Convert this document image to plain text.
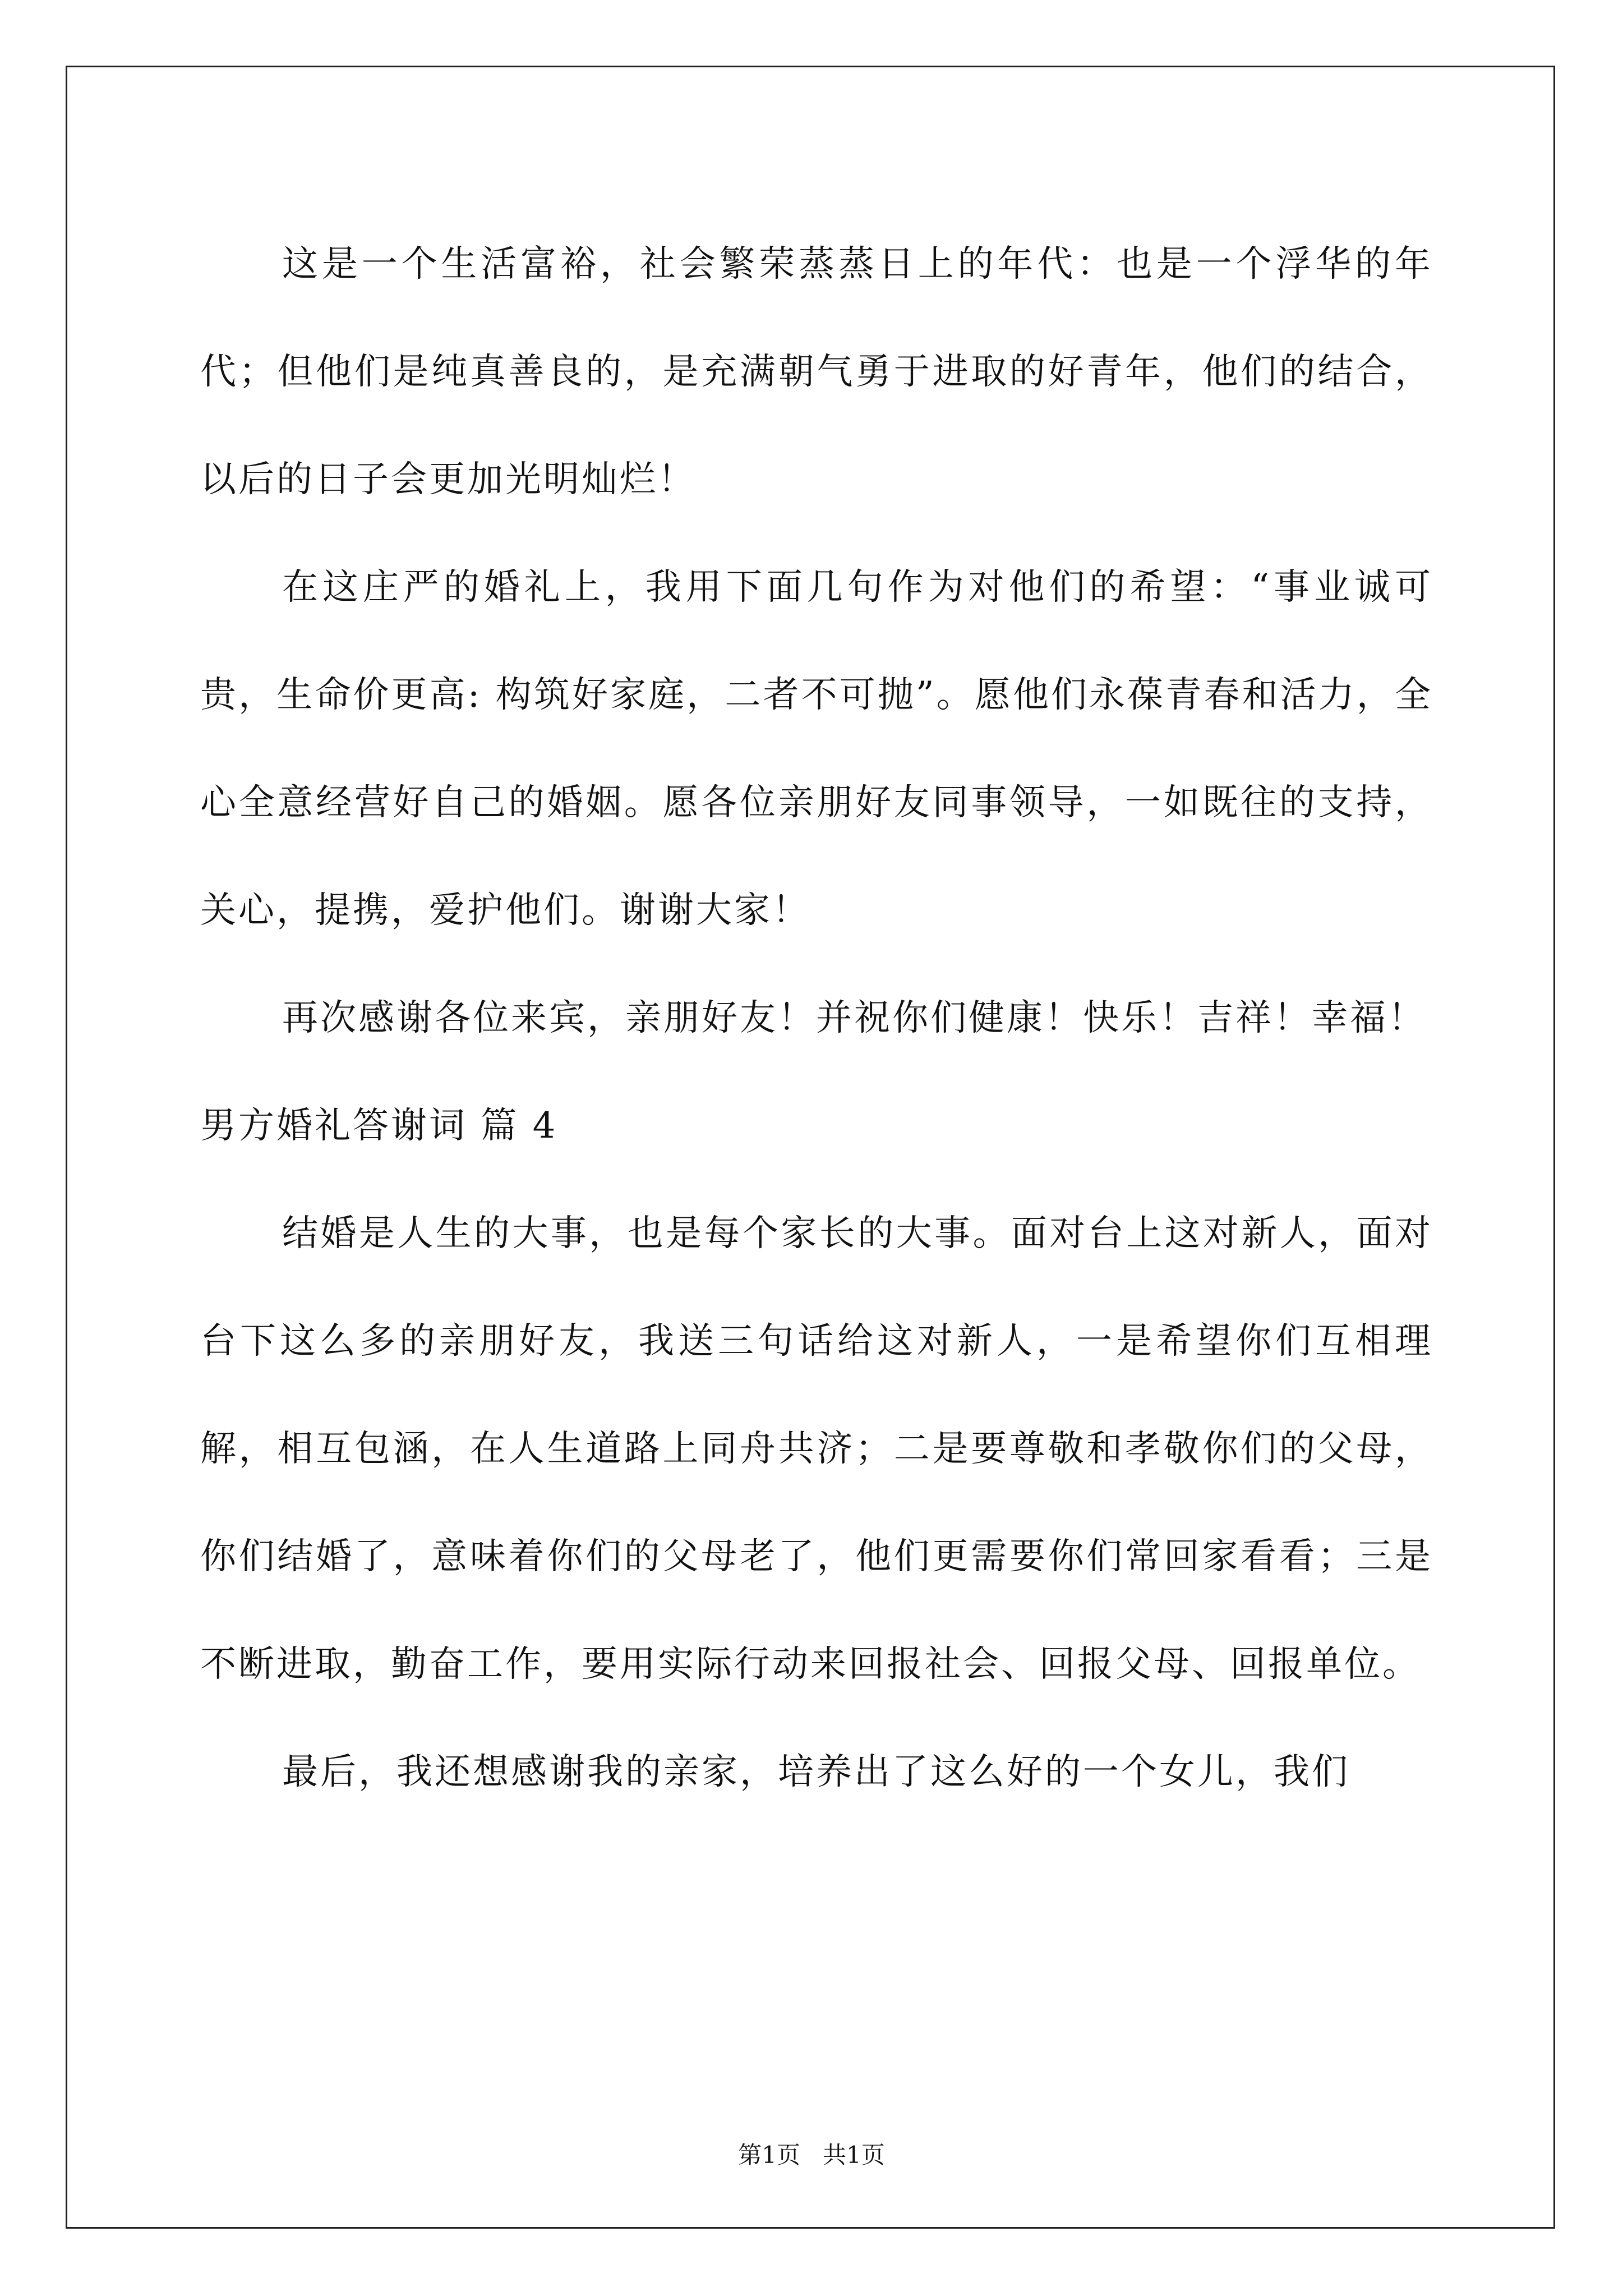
这是一个生活富裕，社会繁荣蒸蒸日上的年代：也是一个浮华的年代；但他们是纯真善良的，是充满朝气勇于进取的好青年，他们的结合，以后的日子会更加光明灿烂！

在这庄严的婚礼上，我用下面几句作为对他们的希望：“事业诚可贵，生命价更高: 构筑好家庭，二者不可抛”。愿他们永葆青春和活力，全心全意经营好自己的婚姻。愿各位亲朋好友同事领导，一如既往的支持，关心，提携，爱护他们。谢谢大家！

再次感谢各位来宾，亲朋好友！并祝你们健康！快乐！吉祥！幸福！

男方婚礼答谢词 篇 4

结婚是人生的大事，也是每个家长的大事。面对台上这对新人，面对台下这么多的亲朋好友，我送三句话给这对新人，一是希望你们互相理解，相互包涵，在人生道路上同舟共济；二是要尊敬和孝敬你们的父母，你们结婚了，意味着你们的父母老了，他们更需要你们常回家看看；三是不断进取，勤奋工作，要用实际行动来回报社会、回报父母、回报单位。

最后，我还想感谢我的亲家，培养出了这么好的一个女儿，我们

第1页 共1页
